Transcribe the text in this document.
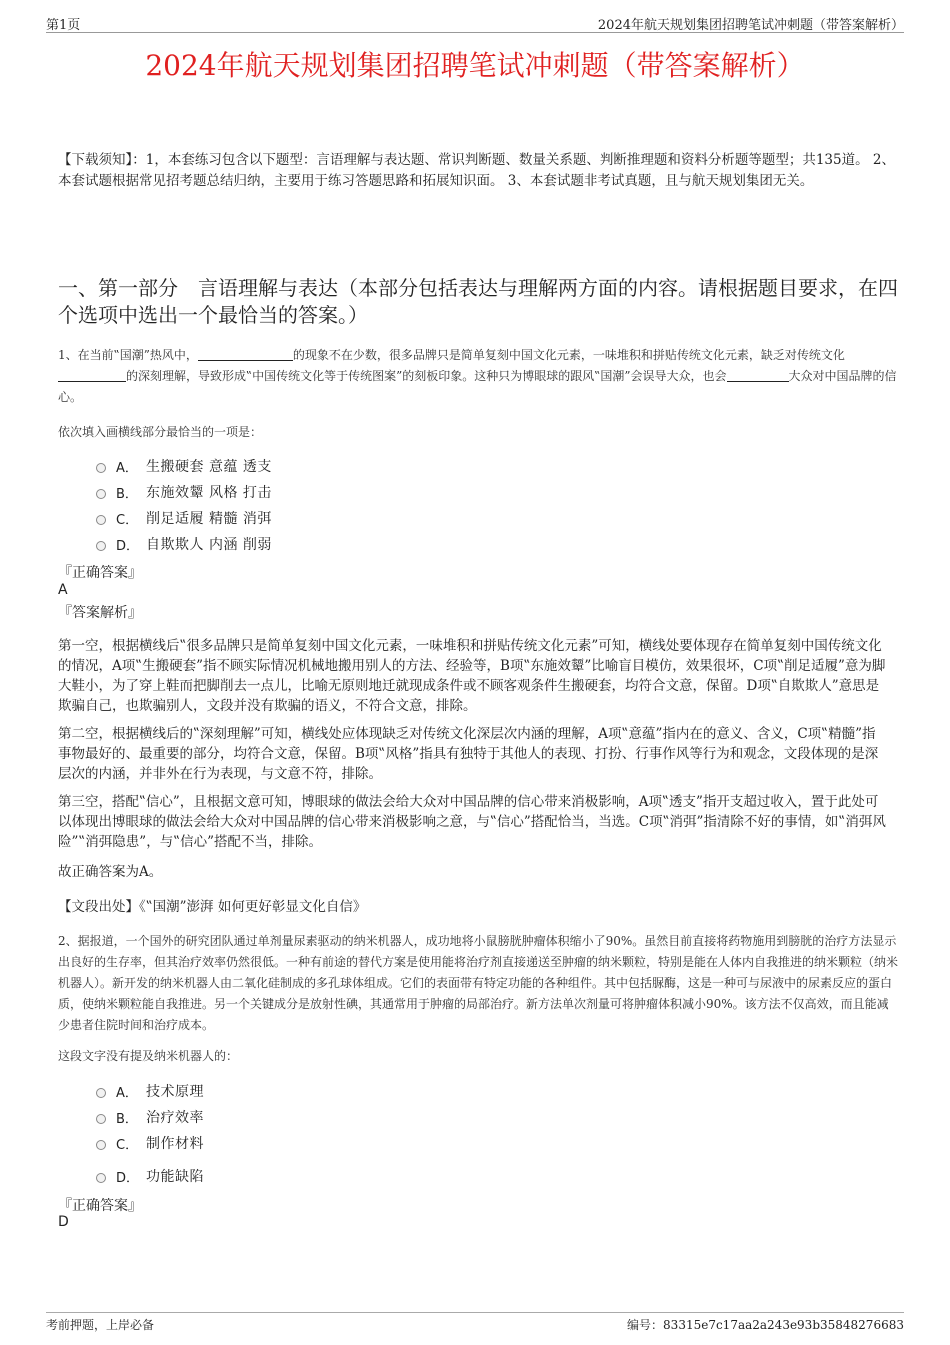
第1页	2024年航天规划集团招聘笔试冲刺题（带答案解析）
2024年航天规划集团招聘笔试冲刺题（带答案解析）

【下载须知】：1，本套练习包含以下题型：言语理解与表达题、常识判断题、数量关系题、判断推理题和资料分析题等题型；共135道。 2、本套试题根据常见招考题总结归纳，主要用于练习答题思路和拓展知识面。 3、本套试题非考试真题，且与航天规划集团无关。

一、第一部分　言语理解与表达（本部分包括表达与理解两方面的内容。请根据题目要求，在四个选项中选出一个最恰当的答案。）

1、在当前‟国潮”热风中，	的现象不在少数，很多品牌只是简单复刻中国文化元素，一味堆积和拼贴传统文化元素，缺乏对传统文化的深刻理解，导致形成‟中国传统文化等于传统图案”的刻板印象。这种只为博眼球的跟风‟国潮”会误导大众，也会	大众对中国品牌的信心。

依次填入画横线部分最恰当的一项是：

A． 生搬硬套 意蕴 透支
B． 东施效颦 风格 打击
C． 削足适履 精髓 消弭
D． 自欺欺人 内涵 削弱

『正确答案』

A

『答案解析』

第一空，根据横线后‟很多品牌只是简单复刻中国文化元素，一味堆积和拼贴传统文化元素”可知，横线处要体现存在简单复刻中国传统文化的情况，A项‟生搬硬套”指不顾实际情况机械地搬用别人的方法、经验等，B项‟东施效颦”比喻盲目模仿，效果很坏，C项‟削足适履”意为脚大鞋小，为了穿上鞋而把脚削去一点儿，比喻无原则地迁就现成条件或不顾客观条件生搬硬套，均符合文意，保留。D项‟自欺欺人”意思是欺骗自己，也欺骗别人，文段并没有欺骗的语义，不符合文意，排除。

第二空，根据横线后的‟深刻理解”可知，横线处应体现缺乏对传统文化深层次内涵的理解，A项‟意蕴”指内在的意义、含义，C项‟精髓”指事物最好的、最重要的部分，均符合文意，保留。B项‟风格”指具有独特于其他人的表现、打扮、行事作风等行为和观念，文段体现的是深层次的内涵，并非外在行为表现，与文意不符，排除。

第三空，搭配‟信心”，且根据文意可知，博眼球的做法会给大众对中国品牌的信心带来消极影响，A项‟透支”指开支超过收入，置于此处可以体现出博眼球的做法会给大众对中国品牌的信心带来消极影响之意，与‟信心”搭配恰当，当选。C项‟消弭”指清除不好的事情，如‟消弭风险”‟消弭隐患”，与‟信心”搭配不当，排除。

故正确答案为A。

【文段出处】《‟国潮”澎湃 如何更好彰显文化自信》

2、据报道，一个国外的研究团队通过单剂量尿素驱动的纳米机器人，成功地将小鼠膀胱肿瘤体积缩小了90%。虽然目前直接将药物施用到膀胱的治疗方法显示出良好的生存率，但其治疗效率仍然很低。一种有前途的替代方案是使用能将治疗剂直接递送至肿瘤的纳米颗粒，特别是能在人体内自我推进的纳米颗粒（纳米机器人）。新开发的纳米机器人由二氧化硅制成的多孔球体组成。它们的表面带有特定功能的各种组件。其中包括脲酶，这是一种可与尿液中的尿素反应的蛋白质，使纳米颗粒能自我推进。另一个关键成分是放射性碘，其通常用于肿瘤的局部治疗。新方法单次剂量可将肿瘤体积减小90%。该方法不仅高效，而且能减少患者住院时间和治疗成本。

这段文字没有提及纳米机器人的：

A． 技术原理
B． 治疗效率
C． 制作材料
D． 功能缺陷

『正确答案』

D

考前押题，上岸必备	编号：83315e7c17aa2a243e93b35848276683
